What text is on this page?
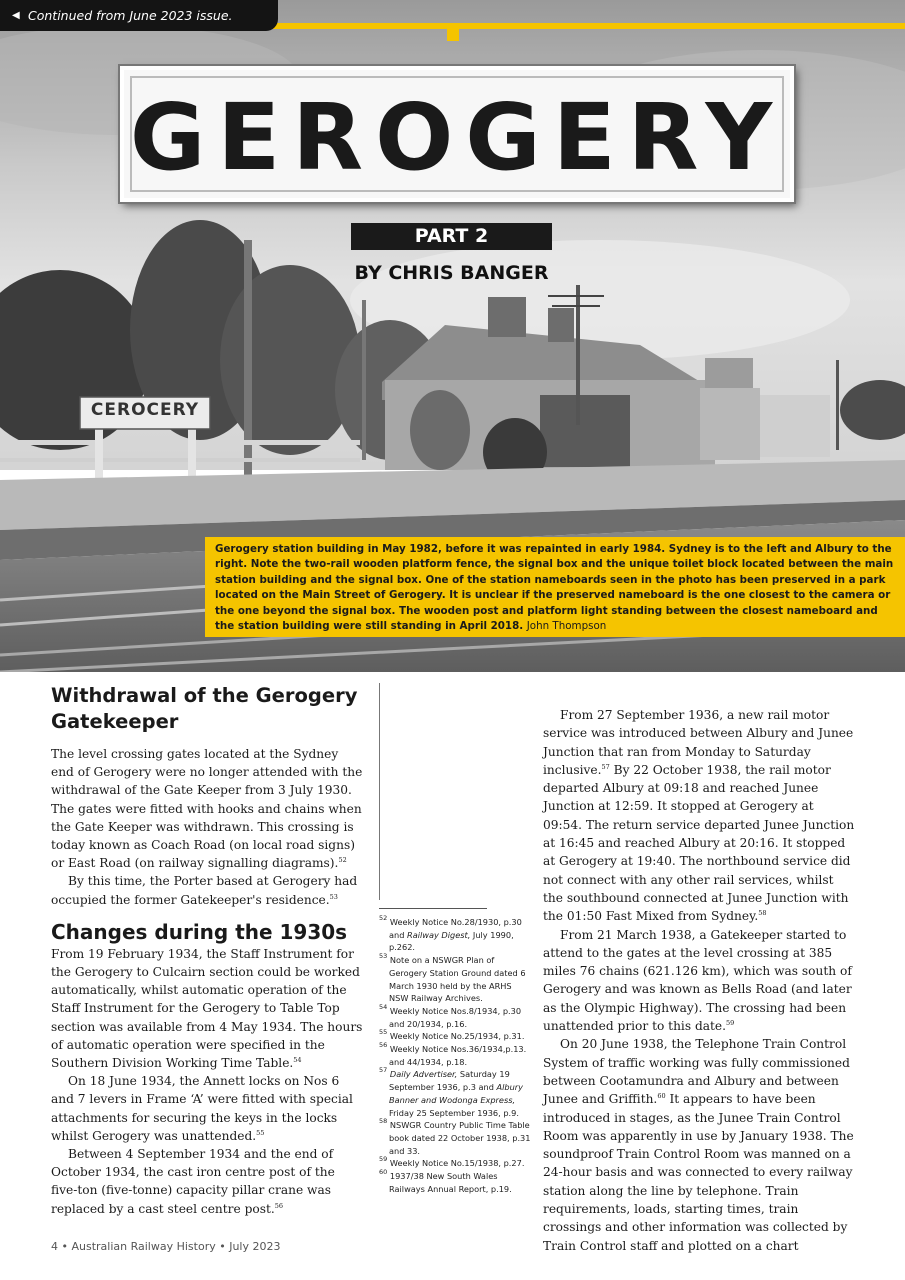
◀ Continued from June 2023 issue.
CEROCERY
GEROGERY
PART 2
BY CHRIS BANGER
Gerogery station building in May 1982, before it was repainted in early 1984. Sydney is to the left and Albury to the right. Note the two-rail wooden platform fence, the signal box and the unique toilet block located between the main station building and the signal box. One of the station nameboards seen in the photo has been preserved in a park located on the Main Street of Gerogery. It is unclear if the preserved nameboard is the one closest to the camera or the one beyond the signal box. The wooden post and platform light standing between the closest nameboard and the station building were still standing in April 2018. John Thompson
Withdrawal of the Gerogery Gatekeeper

The level crossing gates located at the Sydney end of Gerogery were no longer attended with the withdrawal of the Gate Keeper from 3 July 1930. The gates were fitted with hooks and chains when the Gate Keeper was withdrawn. This crossing is today known as Coach Road (on local road signs) or East Road (on railway signalling diagrams).$^{52}$

By this time, the Porter based at Gerogery had occupied the former Gatekeeper's residence.$^{53}$

Changes during the 1930s

From 19 February 1934, the Staff Instrument for the Gerogery to Culcairn section could be worked automatically, whilst automatic operation of the Staff Instrument for the Gerogery to Table Top section was available from 4 May 1934. The hours of automatic operation were specified in the Southern Division Working Time Table.$^{54}$

On 18 June 1934, the Annett locks on Nos 6 and 7 levers in Frame ‘A’ were fitted with special attachments for securing the keys in the locks whilst Gerogery was unattended.$^{55}$

Between 4 September 1934 and the end of October 1934, the cast iron centre post of the five-ton (five-tonne) capacity pillar crane was replaced by a cast steel centre post.$^{56}$

$^{52}$ Weekly Notice No.28/1930, p.30 and Railway Digest, July 1990, p.262.

$^{53}$ Note on a NSWGR Plan of Gerogery Station Ground dated 6 March 1930 held by the ARHS NSW Railway Archives.

$^{54}$ Weekly Notice Nos.8/1934, p.30 and 20/1934, p.16.

$^{55}$ Weekly Notice No.25/1934, p.31.

$^{56}$ Weekly Notice Nos.36/1934,p.13. and 44/1934, p.18.

$^{57}$ Daily Advertiser, Saturday 19 September 1936, p.3 and Albury Banner and Wodonga Express, Friday 25 September 1936, p.9.

$^{58}$ NSWGR Country Public Time Table book dated 22 October 1938, p.31 and 33.

$^{59}$ Weekly Notice No.15/1938, p.27.

$^{60}$ 1937/38 New South Wales Railways Annual Report, p.19.

From 27 September 1936, a new rail motor service was introduced between Albury and Junee Junction that ran from Monday to Saturday inclusive.$^{57}$ By 22 October 1938, the rail motor departed Albury at 09:18 and reached Junee Junction at 12:59. It stopped at Gerogery at 09:54. The return service departed Junee Junction at 16:45 and reached Albury at 20:16. It stopped at Gerogery at 19:40. The northbound service did not connect with any other rail services, whilst the southbound connected at Junee Junction with the 01:50 Fast Mixed from Sydney.$^{58}$

From 21 March 1938, a Gatekeeper started to attend to the gates at the level crossing at 385 miles 76 chains (621.126 km), which was south of Gerogery and was known as Bells Road (and later as the Olympic Highway). The crossing had been unattended prior to this date.$^{59}$

On 20 June 1938, the Telephone Train Control System of traffic working was fully commissioned between Cootamundra and Albury and between Junee and Griffith.$^{60}$ It appears to have been introduced in stages, as the Junee Train Control Room was apparently in use by January 1938. The soundproof Train Control Room was manned on a 24-hour basis and was connected to every railway station along the line by telephone. Train requirements, loads, starting times, train crossings and other information was collected by Train Control staff and plotted on a chart

4 • Australian Railway History • July 2023
